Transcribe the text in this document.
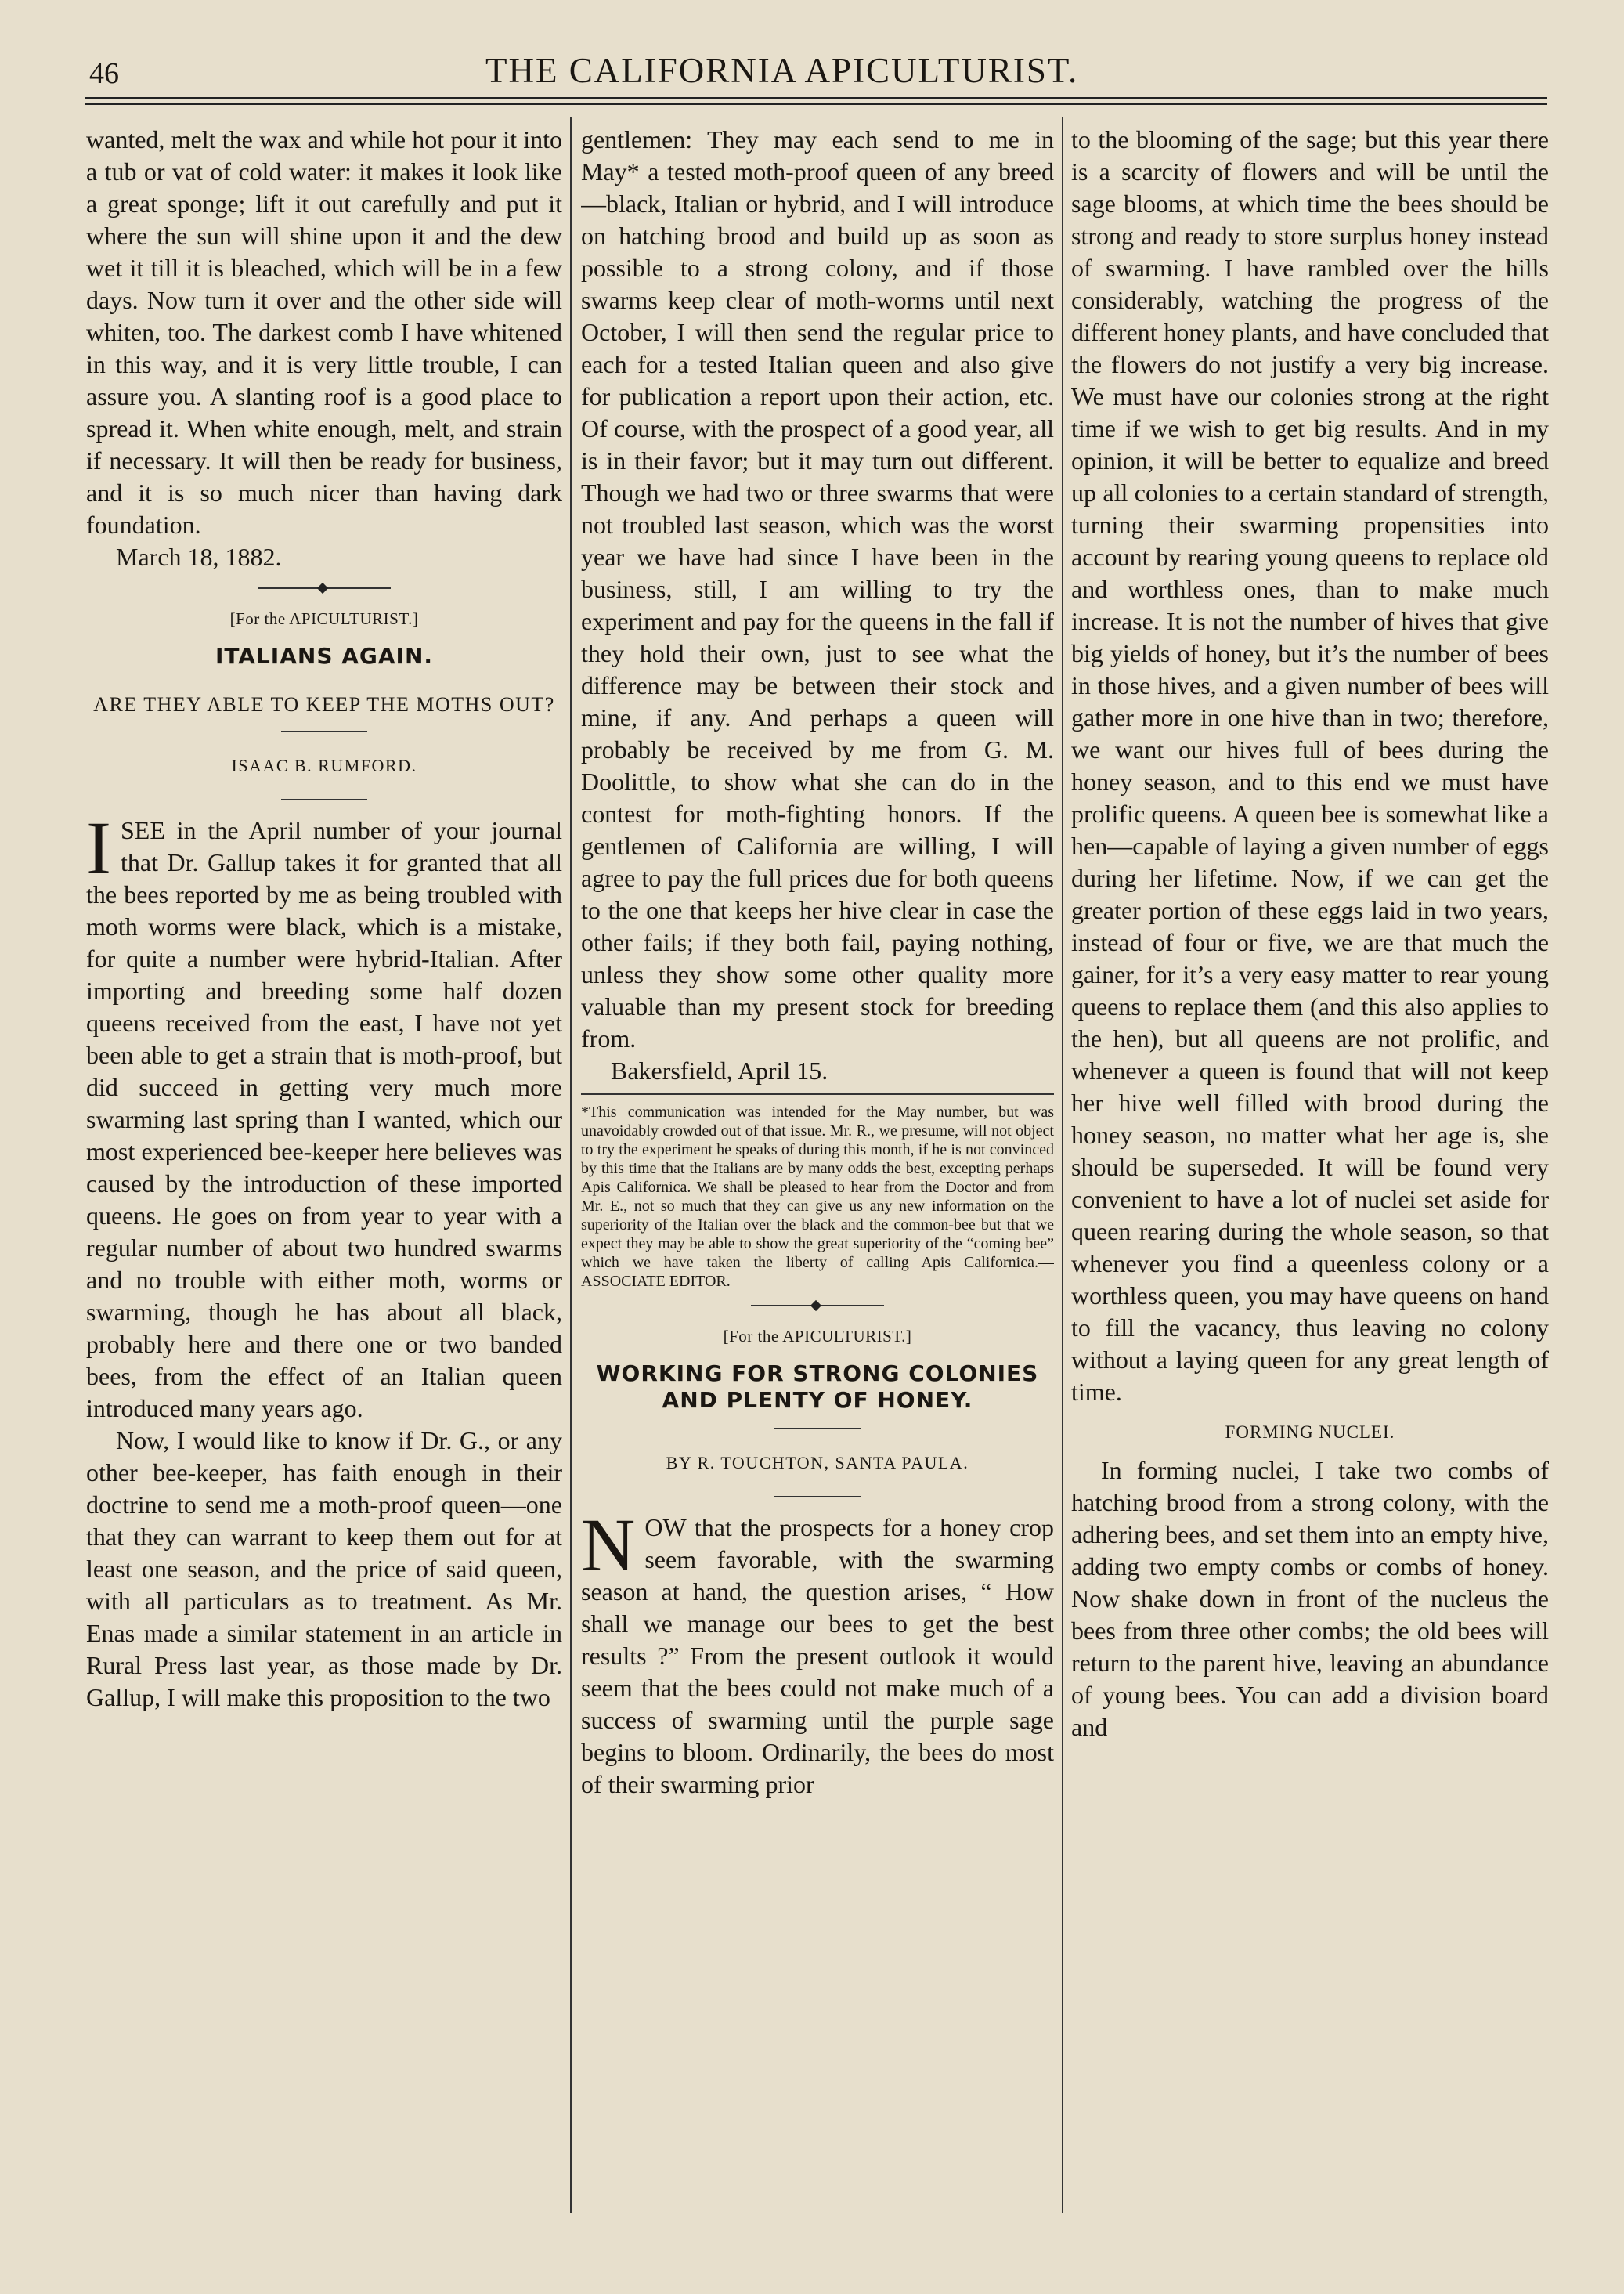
46	THE CALIFORNIA APICULTURIST.

wanted, melt the wax and while hot pour it into a tub or vat of cold water: it makes it look like a great sponge; lift it out carefully and put it where the sun will shine upon it and the dew wet it till it is bleached, which will be in a few days. Now turn it over and the other side will whiten, too. The darkest comb I have whitened in this way, and it is very little trouble, I can assure you. A slanting roof is a good place to spread it. When white enough, melt, and strain if necessary. It will then be ready for business, and it is so much nicer than having dark foundation.

March 18, 1882.

[For the APICULTURIST.]

ITALIANS AGAIN.

ARE THEY ABLE TO KEEP THE MOTHS OUT?

ISAAC B. RUMFORD.

ISEE in the April number of your journal that Dr. Gallup takes it for granted that all the bees reported by me as being troubled with moth worms were black, which is a mistake, for quite a number were hybrid-Italian. After importing and breeding some half dozen queens received from the east, I have not yet been able to get a strain that is moth-proof, but did succeed in getting very much more swarming last spring than I wanted, which our most experienced bee-keeper here believes was caused by the introduction of these imported queens. He goes on from year to year with a regular number of about two hundred swarms and no trouble with either moth, worms or swarming, though he has about all black, probably here and there one or two banded bees, from the effect of an Italian queen introduced many years ago.

Now, I would like to know if Dr. G., or any other bee-keeper, has faith enough in their doctrine to send me a moth-proof queen—one that they can warrant to keep them out for at least one season, and the price of said queen, with all particulars as to treatment. As Mr. Enas made a similar statement in an article in Rural Press last year, as those made by Dr. Gallup, I will make this proposition to the two

gentlemen: They may each send to me in May* a tested moth-proof queen of any breed—black, Italian or hybrid, and I will introduce on hatching brood and build up as soon as possible to a strong colony, and if those swarms keep clear of moth-worms until next October, I will then send the regular price to each for a tested Italian queen and also give for publication a report upon their action, etc. Of course, with the prospect of a good year, all is in their favor; but it may turn out different. Though we had two or three swarms that were not troubled last season, which was the worst year we have had since I have been in the business, still, I am willing to try the experiment and pay for the queens in the fall if they hold their own, just to see what the difference may be between their stock and mine, if any. And perhaps a queen will probably be received by me from G. M. Doolittle, to show what she can do in the contest for moth-fighting honors. If the gentlemen of California are willing, I will agree to pay the full prices due for both queens to the one that keeps her hive clear in case the other fails; if they both fail, paying nothing, unless they show some other quality more valuable than my present stock for breeding from.

Bakersfield, April 15.

*This communication was intended for the May number, but was unavoidably crowded out of that issue. Mr. R., we presume, will not object to try the experiment he speaks of during this month, if he is not convinced by this time that the Italians are by many odds the best, excepting perhaps Apis Californica. We shall be pleased to hear from the Doctor and from Mr. E., not so much that they can give us any new information on the superiority of the Italian over the black and the common-bee but that we expect they may be able to show the great superiority of the “coming bee” which we have taken the liberty of calling Apis Californica.—ASSOCIATE EDITOR.

[For the APICULTURIST.]

WORKING FOR STRONG COLONIES AND PLENTY OF HONEY.

BY R. TOUCHTON, SANTA PAULA.

NOW that the prospects for a honey crop seem favorable, with the swarming season at hand, the question arises, “ How shall we manage our bees to get the best results ?” From the present outlook it would seem that the bees could not make much of a success of swarming until the purple sage begins to bloom. Ordinarily, the bees do most of their swarming prior

to the blooming of the sage; but this year there is a scarcity of flowers and will be until the sage blooms, at which time the bees should be strong and ready to store surplus honey instead of swarming. I have rambled over the hills considerably, watching the progress of the different honey plants, and have concluded that the flowers do not justify a very big increase. We must have our colonies strong at the right time if we wish to get big results. And in my opinion, it will be better to equalize and breed up all colonies to a certain standard of strength, turning their swarming propensities into account by rearing young queens to replace old and worthless ones, than to make much increase. It is not the number of hives that give big yields of honey, but it’s the number of bees in those hives, and a given number of bees will gather more in one hive than in two; therefore, we want our hives full of bees during the honey season, and to this end we must have prolific queens. A queen bee is somewhat like a hen—capable of laying a given number of eggs during her lifetime. Now, if we can get the greater portion of these eggs laid in two years, instead of four or five, we are that much the gainer, for it’s a very easy matter to rear young queens to replace them (and this also applies to the hen), but all queens are not prolific, and whenever a queen is found that will not keep her hive well filled with brood during the honey season, no matter what her age is, she should be superseded. It will be found very convenient to have a lot of nuclei set aside for queen rearing during the whole season, so that whenever you find a queenless colony or a worthless queen, you may have queens on hand to fill the vacancy, thus leaving no colony without a laying queen for any great length of time.

FORMING NUCLEI.

In forming nuclei, I take two combs of hatching brood from a strong colony, with the adhering bees, and set them into an empty hive, adding two empty combs or combs of honey. Now shake down in front of the nucleus the bees from three other combs; the old bees will return to the parent hive, leaving an abundance of young bees. You can add a division board and
